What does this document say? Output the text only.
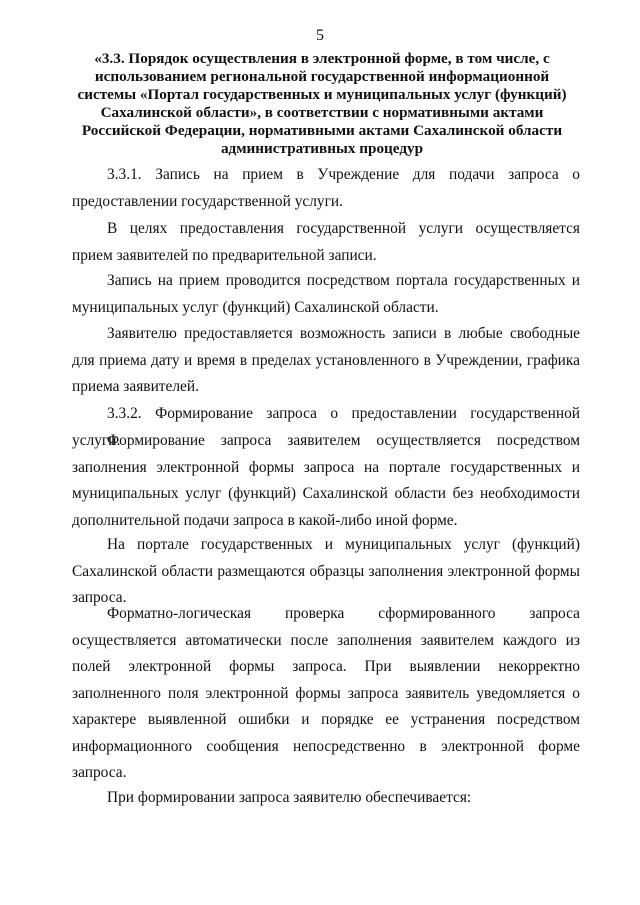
5
«3.3. Порядок осуществления в электронной форме, в том числе, с использованием региональной государственной информационной системы «Портал государственных и муниципальных услуг (функций) Сахалинской области», в соответствии с нормативными актами Российской Федерации, нормативными актами Сахалинской области административных процедур

3.3.1. Запись на прием в Учреждение для подачи запроса о предоставлении государственной услуги.

В целях предоставления государственной услуги осуществляется прием заявителей по предварительной записи.

Запись на прием проводится посредством портала государственных и муниципальных услуг (функций) Сахалинской области.

Заявителю предоставляется возможность записи в любые свободные для приема дату и время в пределах установленного в Учреждении, графика приема заявителей.

3.3.2. Формирование запроса о предоставлении государственной услуги.

Формирование запроса заявителем осуществляется посредством заполнения электронной формы запроса на портале государственных и муниципальных услуг (функций) Сахалинской области без необходимости дополнительной подачи запроса в какой-либо иной форме.

На портале государственных и муниципальных услуг (функций) Сахалинской области размещаются образцы заполнения электронной формы запроса.

Форматно-логическая проверка сформированного запроса осуществляется автоматически после заполнения заявителем каждого из полей электронной формы запроса. При выявлении некорректно заполненного поля электронной формы запроса заявитель уведомляется о характере выявленной ошибки и порядке ее устранения посредством информационного сообщения непосредственно в электронной форме запроса.

При формировании запроса заявителю обеспечивается:
